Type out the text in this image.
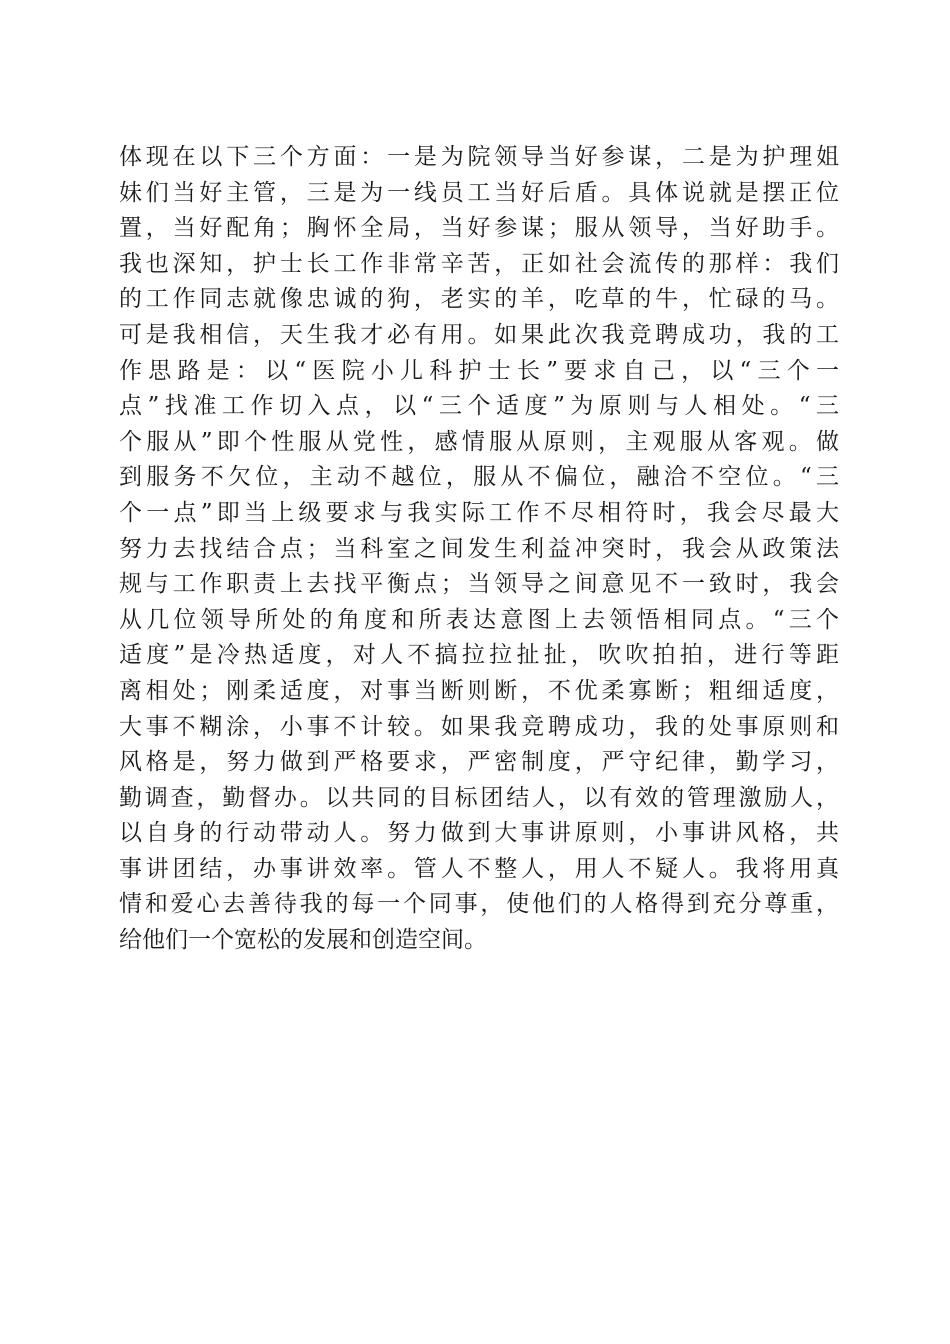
体现在以下三个方面：一是为院领导当好参谋，二是为护理姐
妹们当好主管，三是为一线员工当好后盾。具体说就是摆正位
置，当好配角；胸怀全局，当好参谋；服从领导，当好助手。
我也深知，护士长工作非常辛苦，正如社会流传的那样：我们
的工作同志就像忠诚的狗，老实的羊，吃草的牛，忙碌的马。
可是我相信，天生我才必有用。如果此次我竞聘成功，我的工
作思路是：以“医院小儿科护士长”要求自己，以“三个一
点”找准工作切入点，以“三个适度”为原则与人相处。“三
个服从”即个性服从党性，感情服从原则，主观服从客观。做
到服务不欠位，主动不越位，服从不偏位，融洽不空位。“三
个一点”即当上级要求与我实际工作不尽相符时，我会尽最大
努力去找结合点；当科室之间发生利益冲突时，我会从政策法
规与工作职责上去找平衡点；当领导之间意见不一致时，我会
从几位领导所处的角度和所表达意图上去领悟相同点。“三个
适度”是冷热适度，对人不搞拉拉扯扯，吹吹拍拍，进行等距
离相处；刚柔适度，对事当断则断，不优柔寡断；粗细适度，
大事不糊涂，小事不计较。如果我竞聘成功，我的处事原则和
风格是，努力做到严格要求，严密制度，严守纪律，勤学习，
勤调查，勤督办。以共同的目标团结人，以有效的管理激励人，
以自身的行动带动人。努力做到大事讲原则，小事讲风格，共
事讲团结，办事讲效率。管人不整人，用人不疑人。我将用真
情和爱心去善待我的每一个同事，使他们的人格得到充分尊重，
给他们一个宽松的发展和创造空间。
